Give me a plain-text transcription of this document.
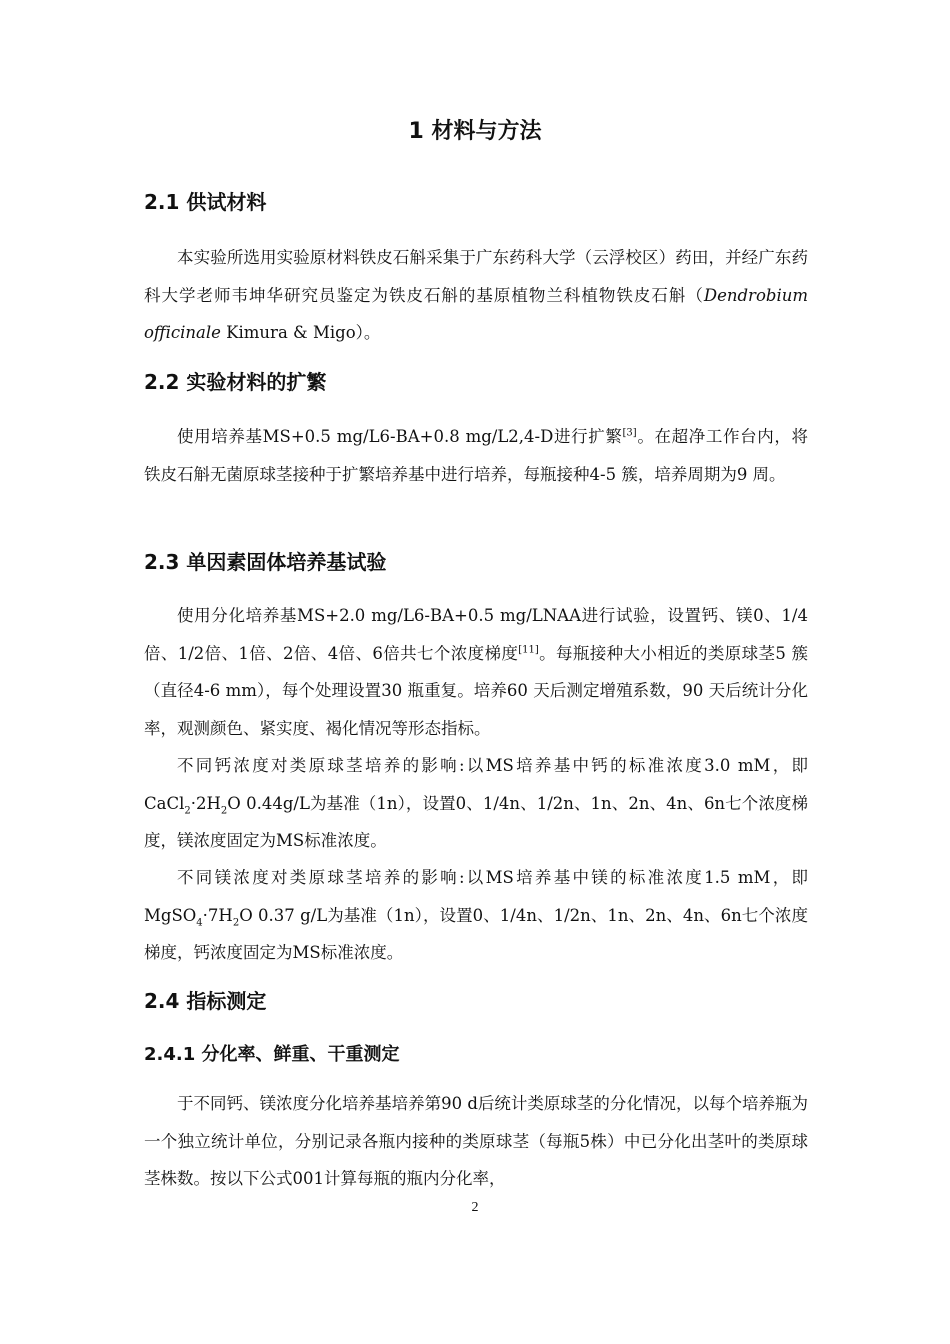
1 材料与方法
2.1 供试材料

本实验所选用实验原材料铁皮石斛采集于广东药科大学（云浮校区）药田，并经广东药科大学老师韦坤华研究员鉴定为铁皮石斛的基原植物兰科植物铁皮石斛（Dendrobium officinale Kimura & Migo）。

2.2 实验材料的扩繁

使用培养基MS+0.5 mg/L6-BA+0.8 mg/L2,4-D进行扩繁[3]。在超净工作台内，将铁皮石斛无菌原球茎接种于扩繁培养基中进行培养，每瓶接种4-5 簇，培养周期为9 周。

2.3 单因素固体培养基试验

使用分化培养基MS+2.0 mg/L6-BA+0.5 mg/LNAA进行试验，设置钙、镁0、1/4倍、1/2倍、1倍、2倍、4倍、6倍共七个浓度梯度[11]。每瓶接种大小相近的类原球茎5 簇（直径4-6 mm），每个处理设置30 瓶重复。培养60 天后测定增殖系数，90 天后统计分化率，观测颜色、紧实度、褐化情况等形态指标。

不同钙浓度对类原球茎培养的影响:以MS培养基中钙的标准浓度3.0 mM，即$CaCl_2\cdot 2H_2O$ 0.44g/L为基准（1n），设置0、1/4n、1/2n、1n、2n、4n、6n七个浓度梯度，镁浓度固定为MS标准浓度。

不同镁浓度对类原球茎培养的影响:以MS培养基中镁的标准浓度1.5 mM，即$MgSO_4\cdot 7H_2O$ 0.37 g/L为基准（1n），设置0、1/4n、1/2n、1n、2n、4n、6n七个浓度梯度，钙浓度固定为MS标准浓度。

2.4 指标测定
2.4.1 分化率、鲜重、干重测定

于不同钙、镁浓度分化培养基培养第90 d后统计类原球茎的分化情况，以每个培养瓶为一个独立统计单位，分别记录各瓶内接种的类原球茎（每瓶5株）中已分化出茎叶的类原球茎株数。按以下公式001计算每瓶的瓶内分化率，

2
